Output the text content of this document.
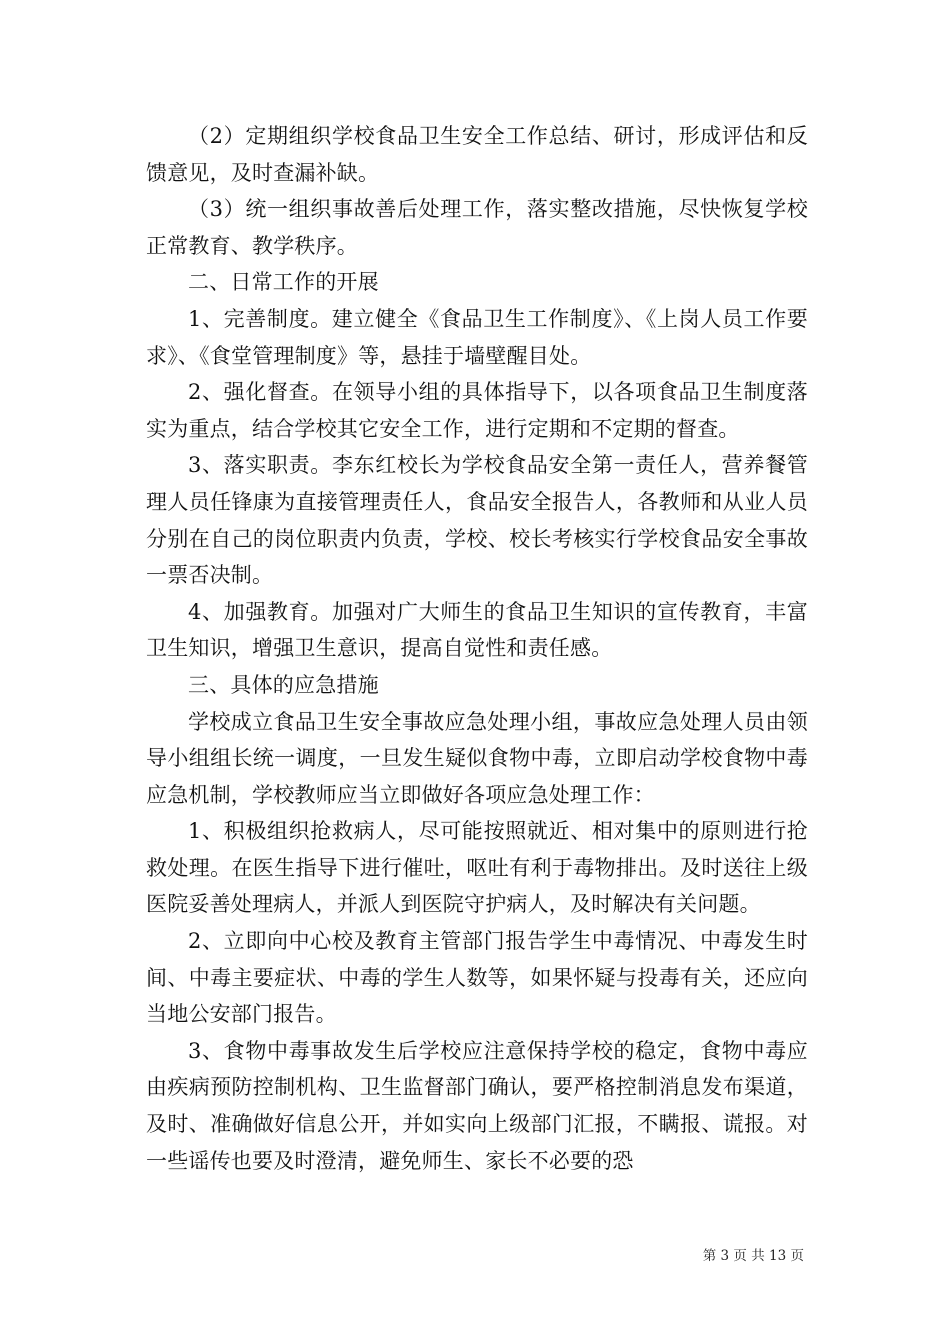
（2）定期组织学校食品卫生安全工作总结、研讨，形成评估和反馈意见，及时查漏补缺。

（3）统一组织事故善后处理工作，落实整改措施，尽快恢复学校正常教育、教学秩序。

二、日常工作的开展

1、完善制度。建立健全《食品卫生工作制度》、《上岗人员工作要求》、《食堂管理制度》等，悬挂于墙壁醒目处。

2、强化督查。在领导小组的具体指导下，以各项食品卫生制度落实为重点，结合学校其它安全工作，进行定期和不定期的督查。

3、落实职责。李东红校长为学校食品安全第一责任人，营养餐管理人员任锋康为直接管理责任人，食品安全报告人，各教师和从业人员分别在自己的岗位职责内负责，学校、校长考核实行学校食品安全事故一票否决制。

4、加强教育。加强对广大师生的食品卫生知识的宣传教育，丰富卫生知识，增强卫生意识，提高自觉性和责任感。

三、具体的应急措施

学校成立食品卫生安全事故应急处理小组，事故应急处理人员由领导小组组长统一调度，一旦发生疑似食物中毒，立即启动学校食物中毒应急机制，学校教师应当立即做好各项应急处理工作：

1、积极组织抢救病人，尽可能按照就近、相对集中的原则进行抢救处理。在医生指导下进行催吐，呕吐有利于毒物排出。及时送往上级医院妥善处理病人，并派人到医院守护病人，及时解决有关问题。

2、立即向中心校及教育主管部门报告学生中毒情况、中毒发生时间、中毒主要症状、中毒的学生人数等，如果怀疑与投毒有关，还应向当地公安部门报告。

3、食物中毒事故发生后学校应注意保持学校的稳定，食物中毒应由疾病预防控制机构、卫生监督部门确认，要严格控制消息发布渠道，及时、准确做好信息公开，并如实向上级部门汇报，不瞒报、谎报。对一些谣传也要及时澄清，避免师生、家长不必要的恐

第 3 页 共 13 页
